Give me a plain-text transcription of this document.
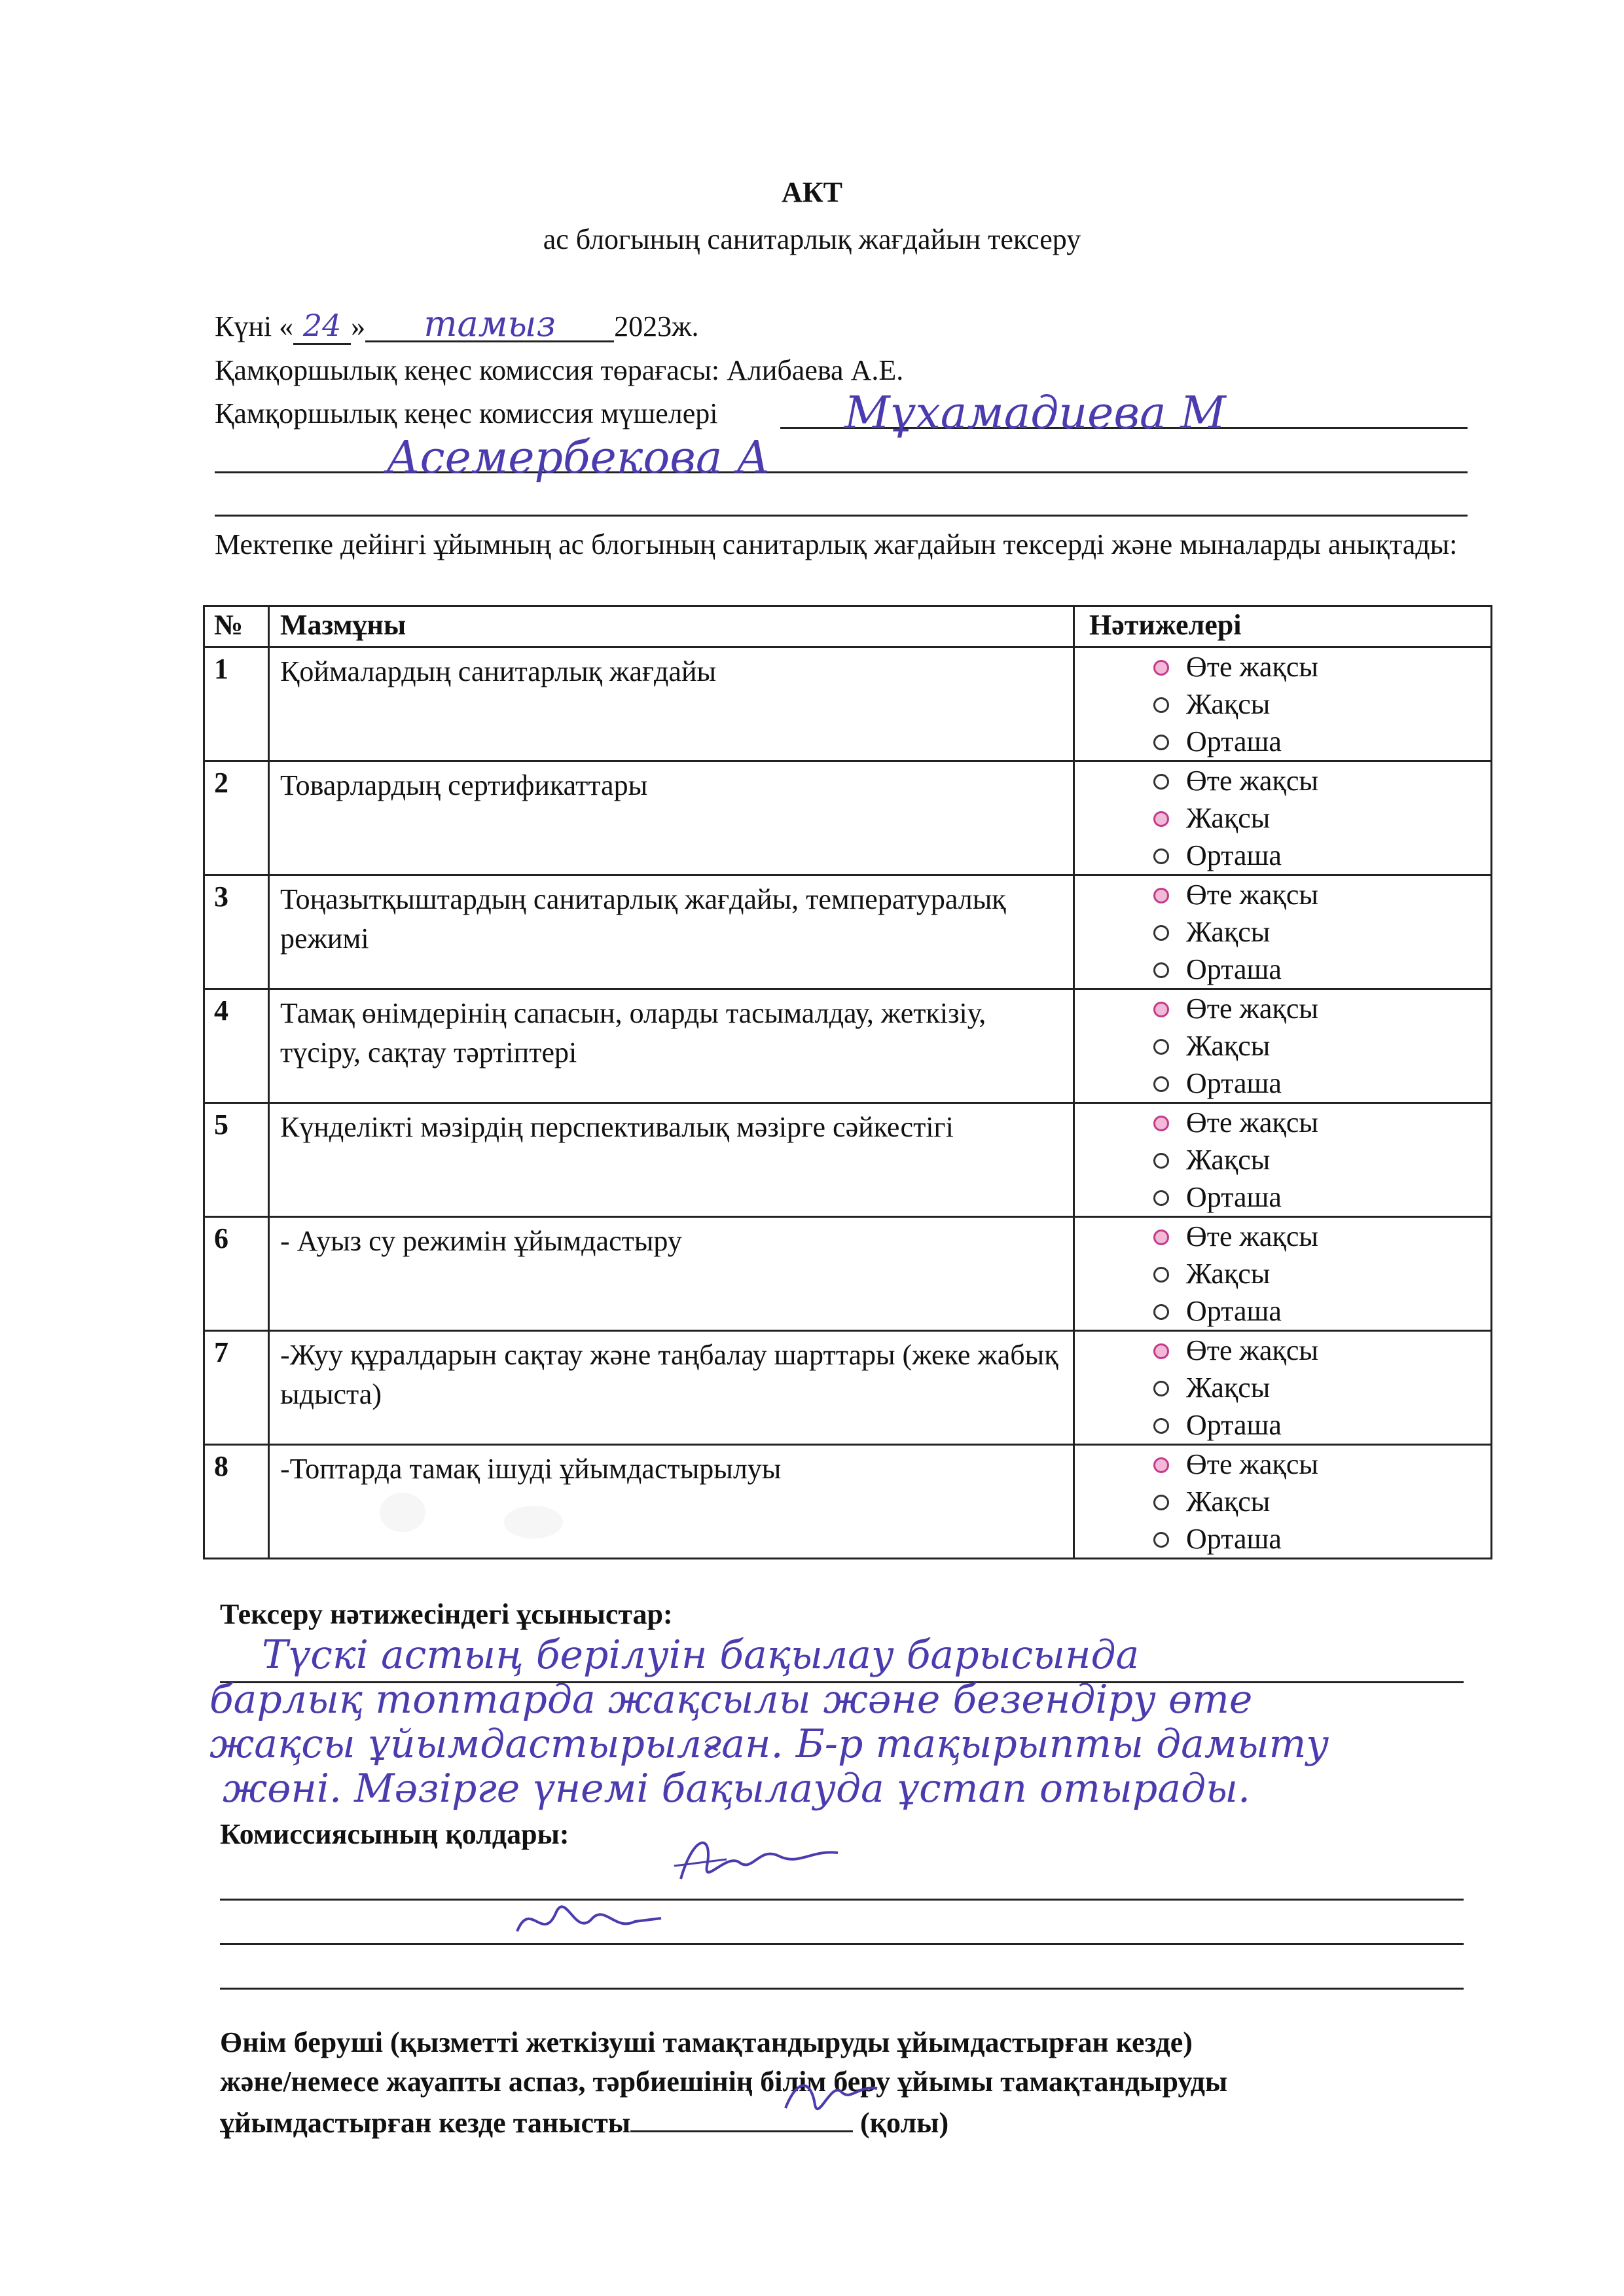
АКТ
ас блогының санитарлық жағдайын тексеру
Күні « 24 » тамыз 2023ж.
Қамқоршылық кеңес комиссия төрағасы: Алибаева А.Е.
Қамқоршылық кеңес комиссия мүшелері	Мұхамадиева М
Асемербекова А
Мектепке дейінгі ұйымның ас блогының санитарлық жағдайын тексерді және мыналарды анықтады:
№	Мазмұны	Нәтижелері
1	Қоймалардың санитарлық жағдайы	Өте жақсы
Жақсы
Орташа

2	Товарлардың сертификаттары	Өте жақсы
Жақсы
Орташа

3	Тоңазытқыштардың санитарлық жағдайы, температуралық режимі	Өте жақсы
Жақсы
Орташа

4	Тамақ өнімдерінің сапасын, оларды тасымалдау, жеткізіу, түсіру, сақтау тәртіптері	Өте жақсы
Жақсы
Орташа

5	Күнделікті мәзірдің перспективалық мәзірге сәйкестігі	Өте жақсы
Жақсы
Орташа

6	- Ауыз су режимін ұйымдастыру	Өте жақсы
Жақсы
Орташа

7	-Жуу құралдарын сақтау және таңбалау шарттары (жеке жабық ыдыста)	Өте жақсы
Жақсы
Орташа

8	-Топтарда тамақ ішуді ұйымдастырылуы	Өте жақсы
Жақсы
Орташа
Тексеру нәтижесіндегі ұсыныстар:
Түскі астың берілуін бақылау барысында
барлық топтарда жақсылы және безендіру өте
жақсы ұйымдастырылған. Б-р тақырыпты дамыту
жөні. Мәзірге үнемі бақылауда ұстап отырады.
Комиссиясының қолдары:
Өнім беруші (қызметті жеткізуші тамақтандыруды ұйымдастырған кезде)
және/немесе жауапты аспаз, тәрбиешінің білім беру ұйымы тамақтандыруды
ұйымдастырған кезде танысты	(қолы)
